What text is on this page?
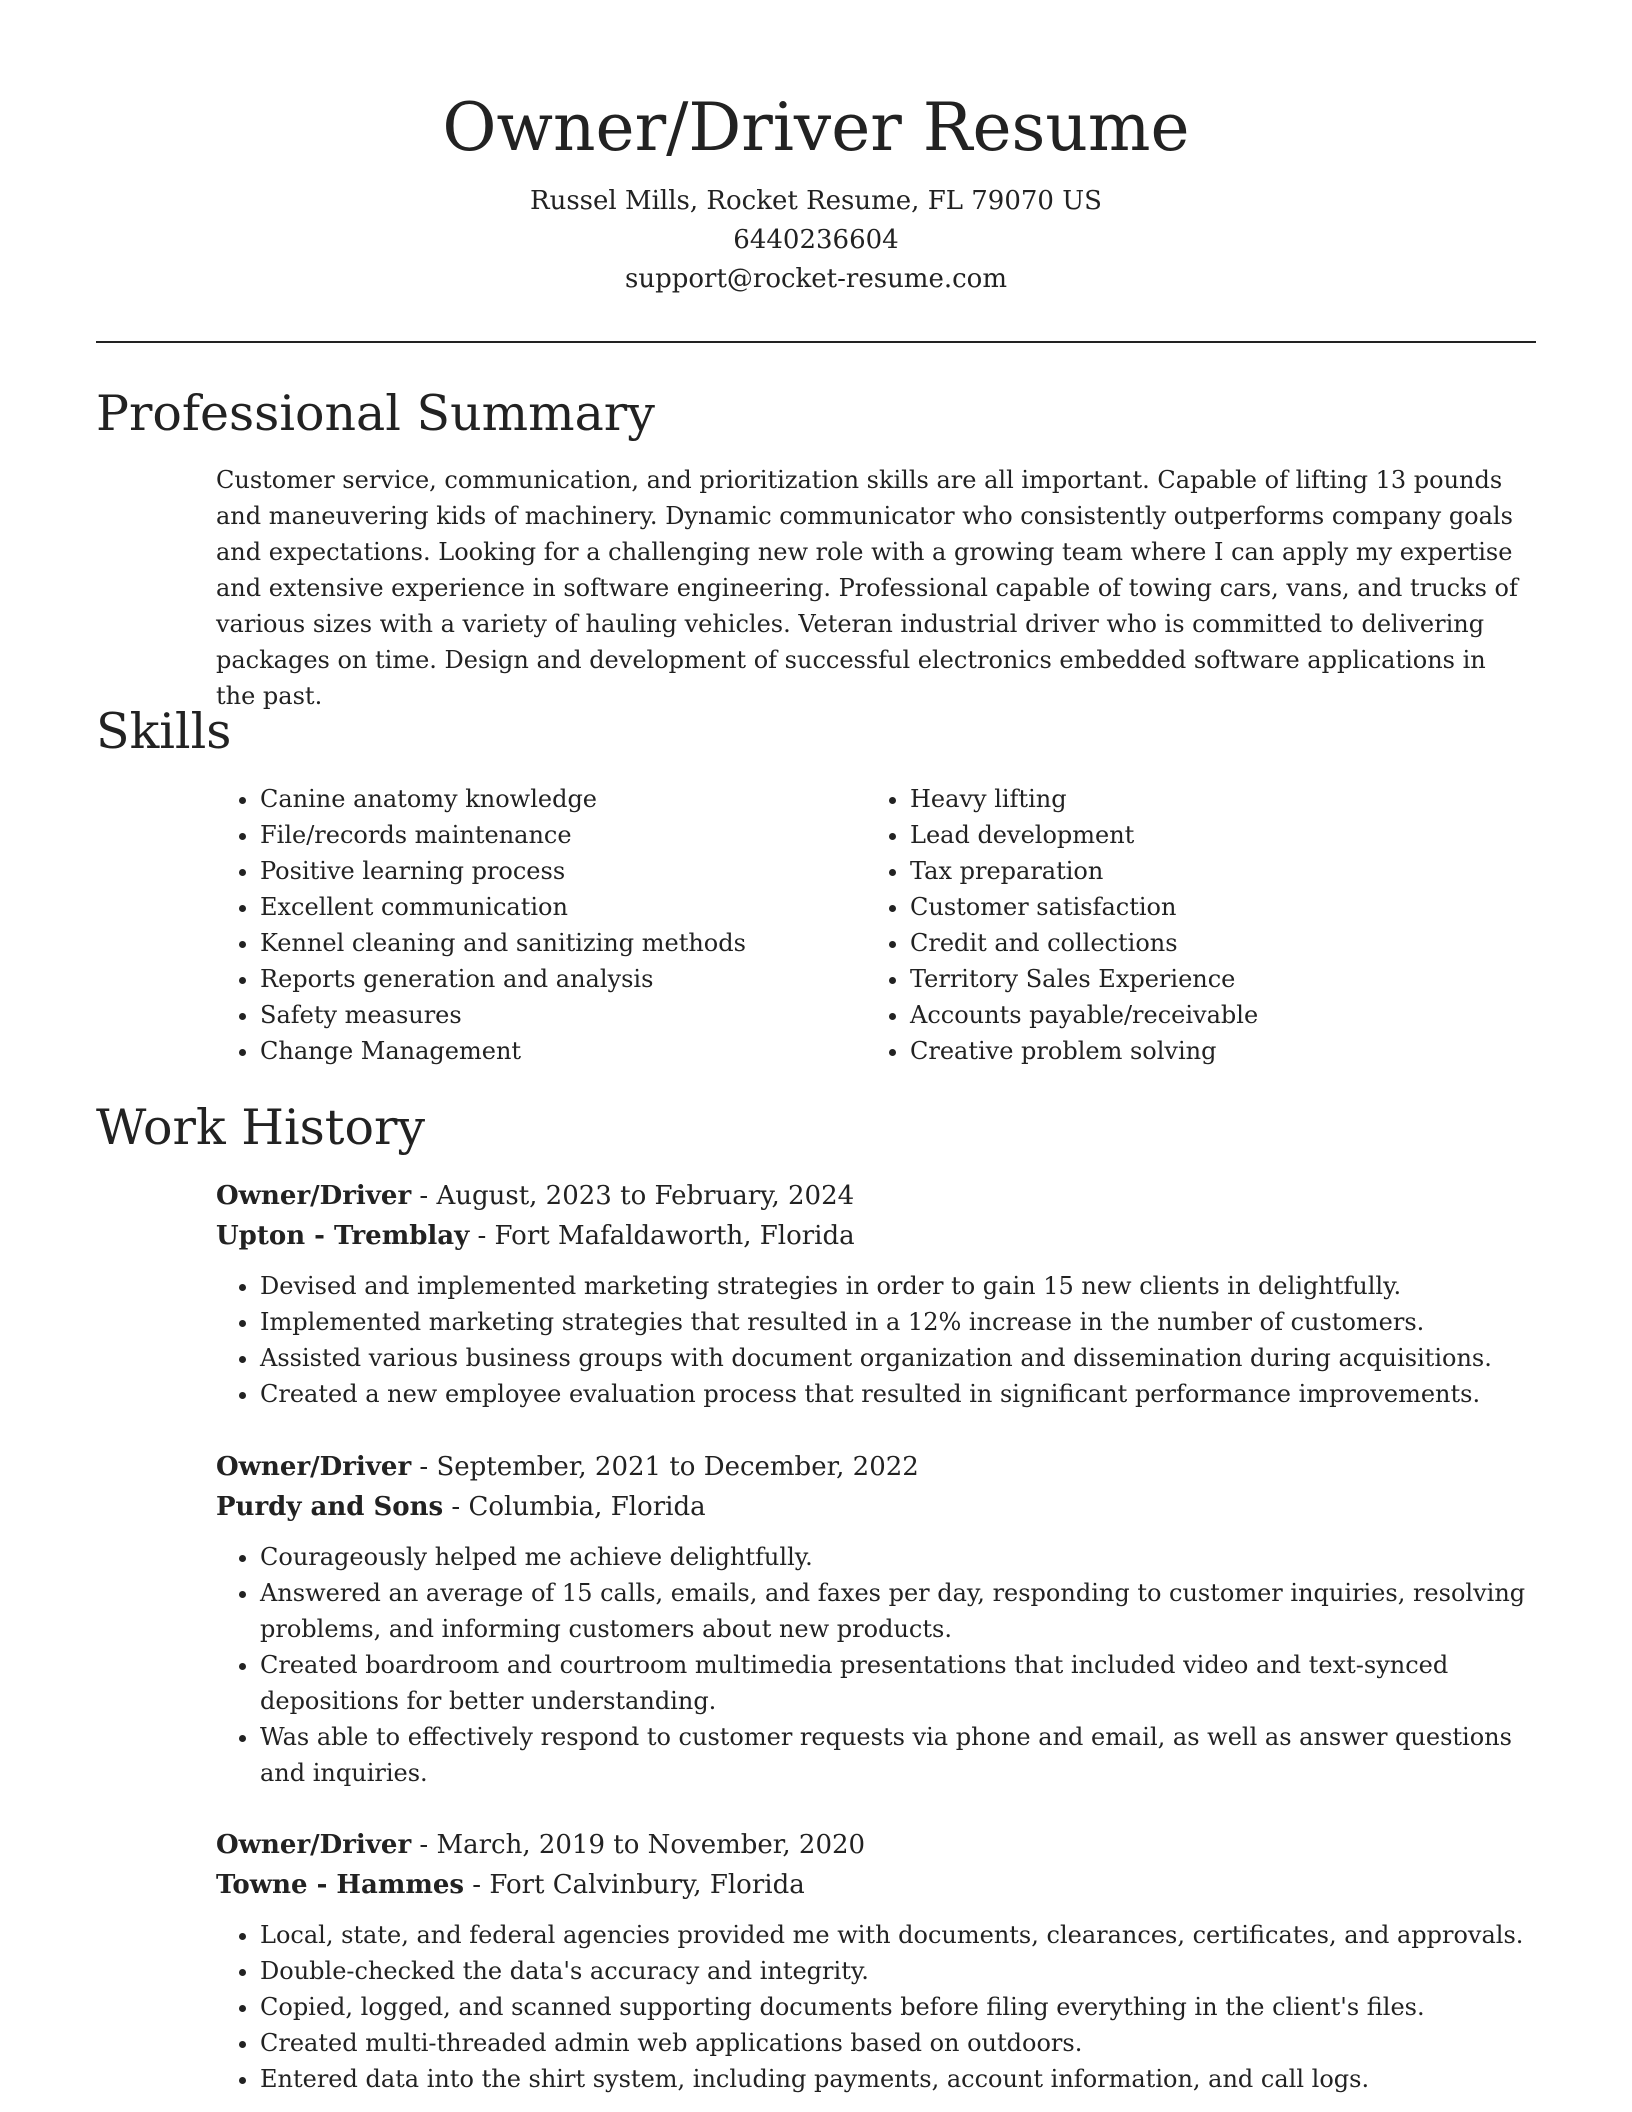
Owner/Driver Resume
Russel Mills, Rocket Resume, FL 79070 US
6440236604
support@rocket-resume.com
Professional Summary

Customer service, communication, and prioritization skills are all important. Capable of lifting 13 pounds and maneuvering kids of machinery. Dynamic communicator who consistently outperforms company goals and expectations. Looking for a challenging new role with a growing team where I can apply my expertise and extensive experience in software engineering. Professional capable of towing cars, vans, and trucks of various sizes with a variety of hauling vehicles. Veteran industrial driver who is committed to delivering packages on time. Design and development of successful electronics embedded software applications in the past.

Skills
• Canine anatomy knowledge
• File/records maintenance
• Positive learning process
• Excellent communication
• Kennel cleaning and sanitizing methods
• Reports generation and analysis
• Safety measures
• Change Management
• Heavy lifting
• Lead development
• Tax preparation
• Customer satisfaction
• Credit and collections
• Territory Sales Experience
• Accounts payable/receivable
• Creative problem solving
Work History
Owner/Driver - August, 2023 to February, 2024
Upton - Tremblay - Fort Mafaldaworth, Florida
• Devised and implemented marketing strategies in order to gain 15 new clients in delightfully.
• Implemented marketing strategies that resulted in a 12% increase in the number of customers.
• Assisted various business groups with document organization and dissemination during acquisitions.
• Created a new employee evaluation process that resulted in significant performance improvements.
Owner/Driver - September, 2021 to December, 2022
Purdy and Sons - Columbia, Florida
• Courageously helped me achieve delightfully.
• Answered an average of 15 calls, emails, and faxes per day, responding to customer inquiries, resolving problems, and informing customers about new products.
• Created boardroom and courtroom multimedia presentations that included video and text-synced depositions for better understanding.
• Was able to effectively respond to customer requests via phone and email, as well as answer questions and inquiries.
Owner/Driver - March, 2019 to November, 2020
Towne - Hammes - Fort Calvinbury, Florida
• Local, state, and federal agencies provided me with documents, clearances, certificates, and approvals.
• Double-checked the data's accuracy and integrity.
• Copied, logged, and scanned supporting documents before filing everything in the client's files.
• Created multi-threaded admin web applications based on outdoors.
• Entered data into the shirt system, including payments, account information, and call logs.
